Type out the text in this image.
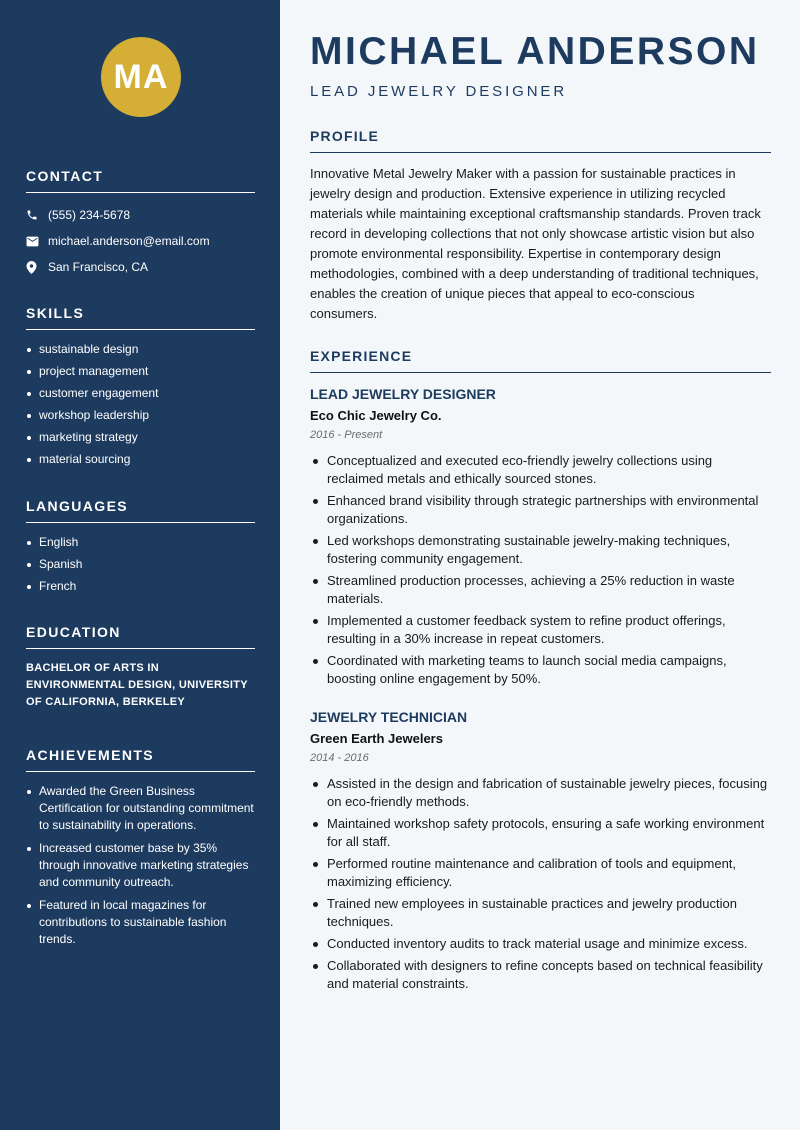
MA
CONTACT
(555) 234-5678
michael.anderson@email.com
San Francisco, CA
SKILLS
sustainable design
project management
customer engagement
workshop leadership
marketing strategy
material sourcing
LANGUAGES
English
Spanish
French
EDUCATION
BACHELOR OF ARTS IN ENVIRONMENTAL DESIGN, UNIVERSITY OF CALIFORNIA, BERKELEY
ACHIEVEMENTS
Awarded the Green Business Certification for outstanding commitment to sustainability in operations.
Increased customer base by 35% through innovative marketing strategies and community outreach.
Featured in local magazines for contributions to sustainable fashion trends.
MICHAEL ANDERSON
LEAD JEWELRY DESIGNER
PROFILE

Innovative Metal Jewelry Maker with a passion for sustainable practices in jewelry design and production. Extensive experience in utilizing recycled materials while maintaining exceptional craftsmanship standards. Proven track record in developing collections that not only showcase artistic vision but also promote environmental responsibility. Expertise in contemporary design methodologies, combined with a deep understanding of traditional techniques, enables the creation of unique pieces that appeal to eco-conscious consumers.

EXPERIENCE
LEAD JEWELRY DESIGNER
Eco Chic Jewelry Co.
2016 - Present
Conceptualized and executed eco-friendly jewelry collections using reclaimed metals and ethically sourced stones.
Enhanced brand visibility through strategic partnerships with environmental organizations.
Led workshops demonstrating sustainable jewelry-making techniques, fostering community engagement.
Streamlined production processes, achieving a 25% reduction in waste materials.
Implemented a customer feedback system to refine product offerings, resulting in a 30% increase in repeat customers.
Coordinated with marketing teams to launch social media campaigns, boosting online engagement by 50%.
JEWELRY TECHNICIAN
Green Earth Jewelers
2014 - 2016
Assisted in the design and fabrication of sustainable jewelry pieces, focusing on eco-friendly methods.
Maintained workshop safety protocols, ensuring a safe working environment for all staff.
Performed routine maintenance and calibration of tools and equipment, maximizing efficiency.
Trained new employees in sustainable practices and jewelry production techniques.
Conducted inventory audits to track material usage and minimize excess.
Collaborated with designers to refine concepts based on technical feasibility and material constraints.
